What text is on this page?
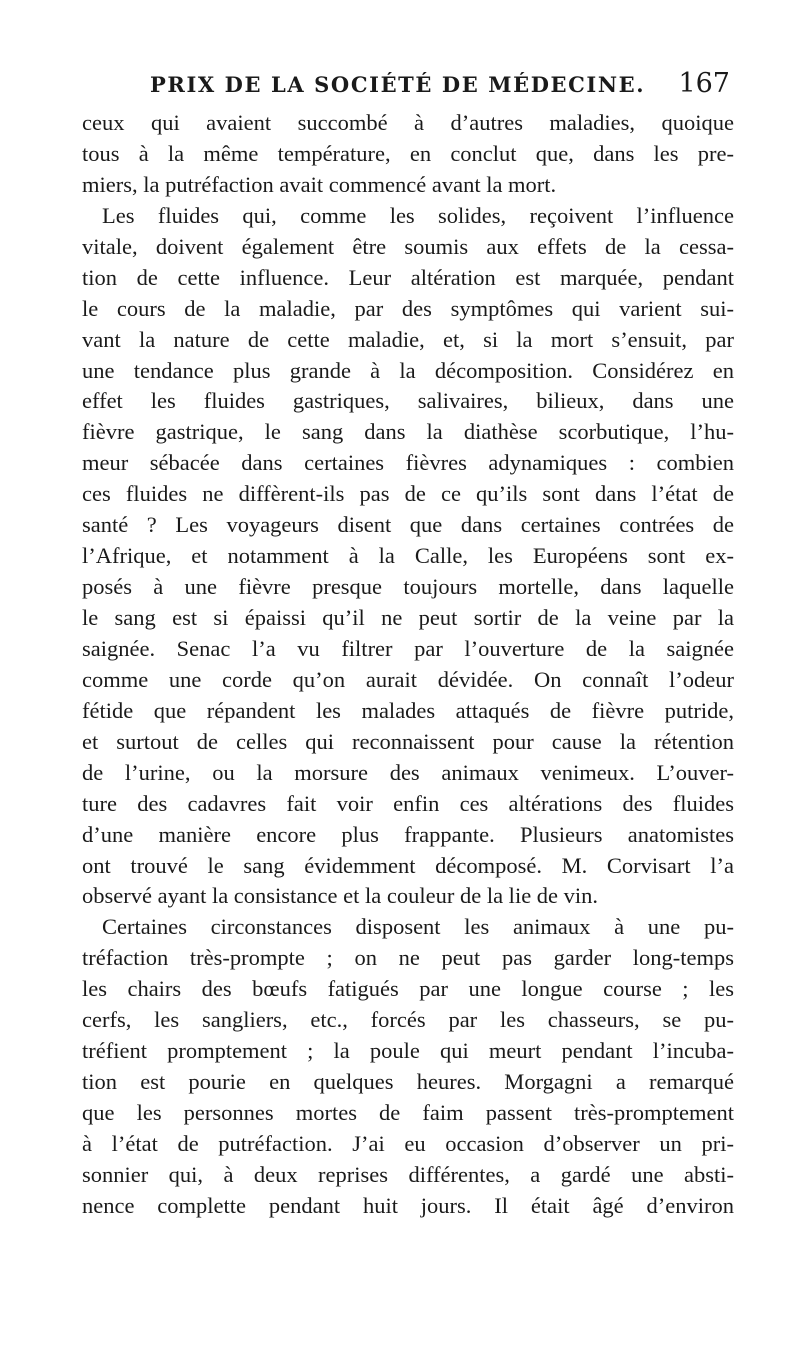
PRIX DE LA SOCIÉTÉ DE MÉDECINE. 167
ceux qui avaient succombé à d’autres maladies, quoique
tous à la même température, en conclut que, dans les pre-
miers, la putréfaction avait commencé avant la mort.
Les fluides qui, comme les solides, reçoivent l’influence
vitale, doivent également être soumis aux effets de la cessa-
tion de cette influence. Leur altération est marquée, pendant
le cours de la maladie, par des symptômes qui varient sui-
vant la nature de cette maladie, et, si la mort s’ensuit, par
une tendance plus grande à la décomposition. Considérez en
effet les fluides gastriques, salivaires, bilieux, dans une
fièvre gastrique, le sang dans la diathèse scorbutique, l’hu-
meur sébacée dans certaines fièvres adynamiques : combien
ces fluides ne diffèrent-ils pas de ce qu’ils sont dans l’état de
santé ? Les voyageurs disent que dans certaines contrées de
l’Afrique, et notamment à la Calle, les Européens sont ex-
posés à une fièvre presque toujours mortelle, dans laquelle
le sang est si épaissi qu’il ne peut sortir de la veine par la
saignée. Senac l’a vu filtrer par l’ouverture de la saignée
comme une corde qu’on aurait dévidée. On connaît l’odeur
fétide que répandent les malades attaqués de fièvre putride,
et surtout de celles qui reconnaissent pour cause la rétention
de l’urine, ou la morsure des animaux venimeux. L’ouver-
ture des cadavres fait voir enfin ces altérations des fluides
d’une manière encore plus frappante. Plusieurs anatomistes
ont trouvé le sang évidemment décomposé. M. Corvisart l’a
observé ayant la consistance et la couleur de la lie de vin.
Certaines circonstances disposent les animaux à une pu-
tréfaction très-prompte ; on ne peut pas garder long-temps
les chairs des bœufs fatigués par une longue course ; les
cerfs, les sangliers, etc., forcés par les chasseurs, se pu-
tréfient promptement ; la poule qui meurt pendant l’incuba-
tion est pourie en quelques heures. Morgagni a remarqué
que les personnes mortes de faim passent très-promptement
à l’état de putréfaction. J’ai eu occasion d’observer un pri-
sonnier qui, à deux reprises différentes, a gardé une absti-
nence complette pendant huit jours. Il était âgé d’environ
